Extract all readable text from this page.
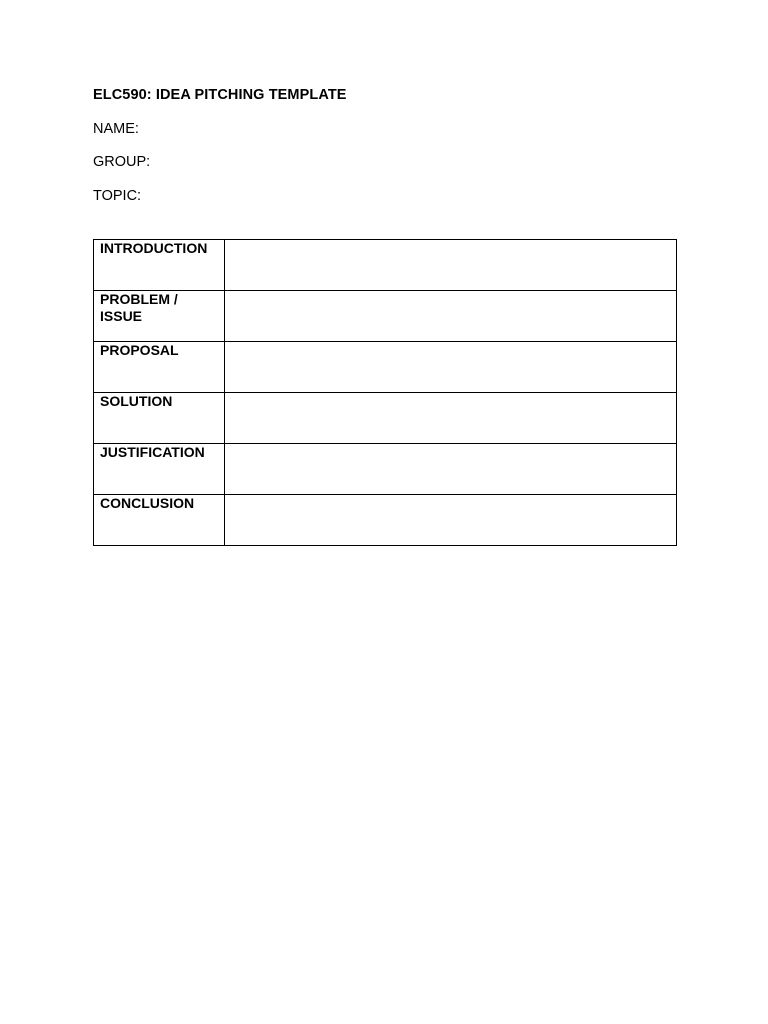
ELC590: IDEA PITCHING TEMPLATE
NAME:
GROUP:
TOPIC:
INTRODUCTION	

PROBLEM / ISSUE	

PROPOSAL	

SOLUTION	

JUSTIFICATION	

CONCLUSION	
